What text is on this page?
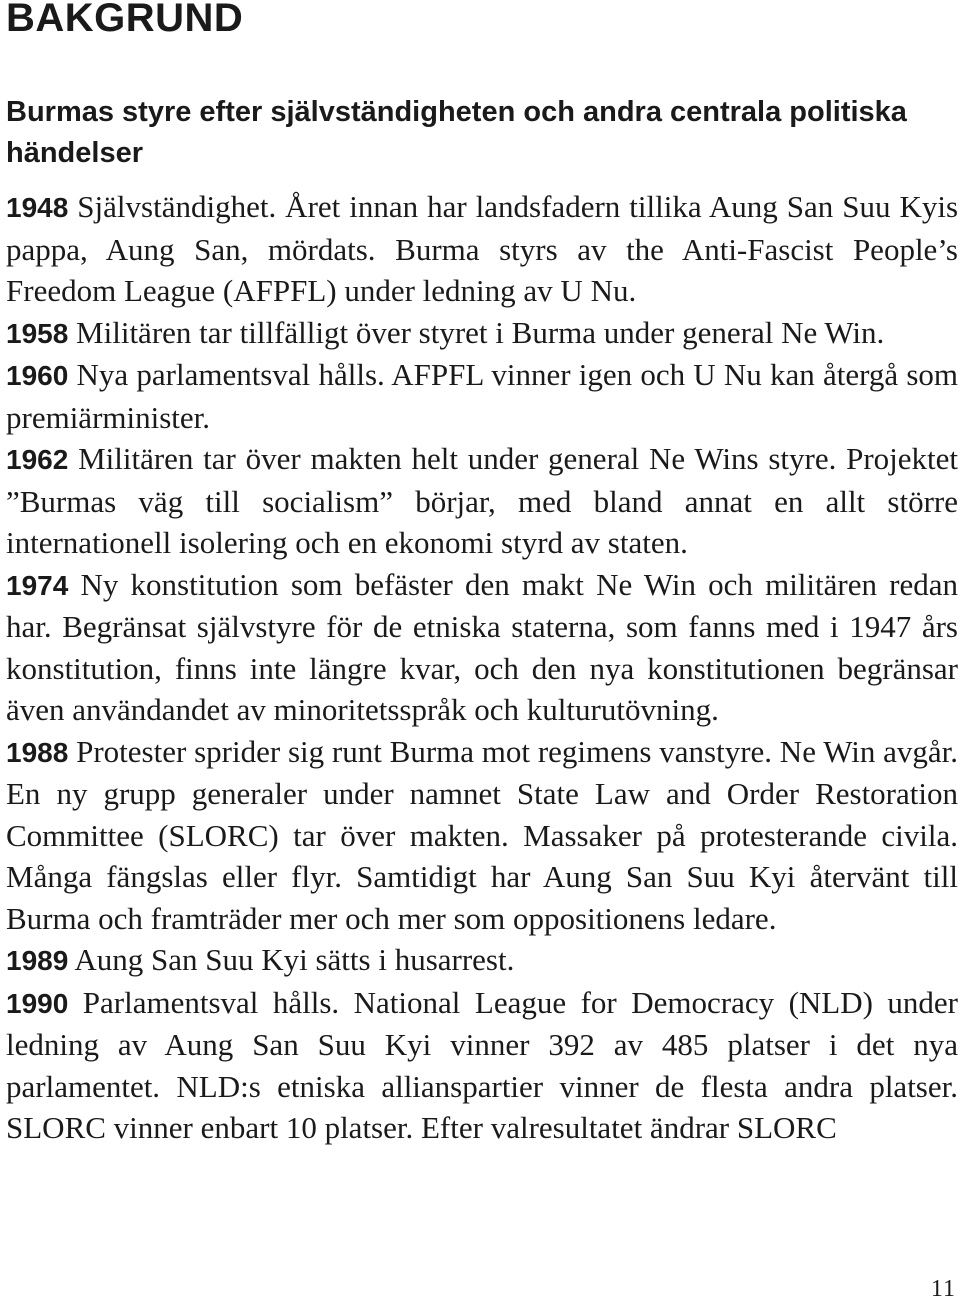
BAKGRUND
Burmas styre efter självständigheten och andra centrala politiska händelser

1948 Självständighet. Året innan har landsfadern tillika Aung San Suu Kyis pappa, Aung San, mördats. Burma styrs av the Anti-Fascist People’s Freedom League (AFPFL) under ledning av U Nu.

1958 Militären tar tillfälligt över styret i Burma under general Ne Win.

1960 Nya parlamentsval hålls. AFPFL vinner igen och U Nu kan återgå som premiärminister.

1962 Militären tar över makten helt under general Ne Wins styre. Projektet ”Burmas väg till socialism” börjar, med bland annat en allt större internationell isolering och en ekonomi styrd av staten.

1974 Ny konstitution som befäster den makt Ne Win och militären redan har. Begränsat självstyre för de etniska staterna, som fanns med i 1947 års konstitution, finns inte längre kvar, och den nya konstitutionen begränsar även användandet av minoritetsspråk och kulturutövning.

1988 Protester sprider sig runt Burma mot regimens vanstyre. Ne Win avgår. En ny grupp generaler under namnet State Law and Order Restoration Committee (SLORC) tar över makten. Massaker på protesterande civila. Många fängslas eller flyr. Samtidigt har Aung San Suu Kyi återvänt till Burma och framträder mer och mer som oppositionens ledare.

1989 Aung San Suu Kyi sätts i husarrest.

1990 Parlamentsval hålls. National League for Democracy (NLD) under ledning av Aung San Suu Kyi vinner 392 av 485 platser i det nya parlamentet. NLD:s etniska allianspartier vinner de flesta andra platser. SLORC vinner enbart 10 platser. Efter valresultatet ändrar SLORC

11
